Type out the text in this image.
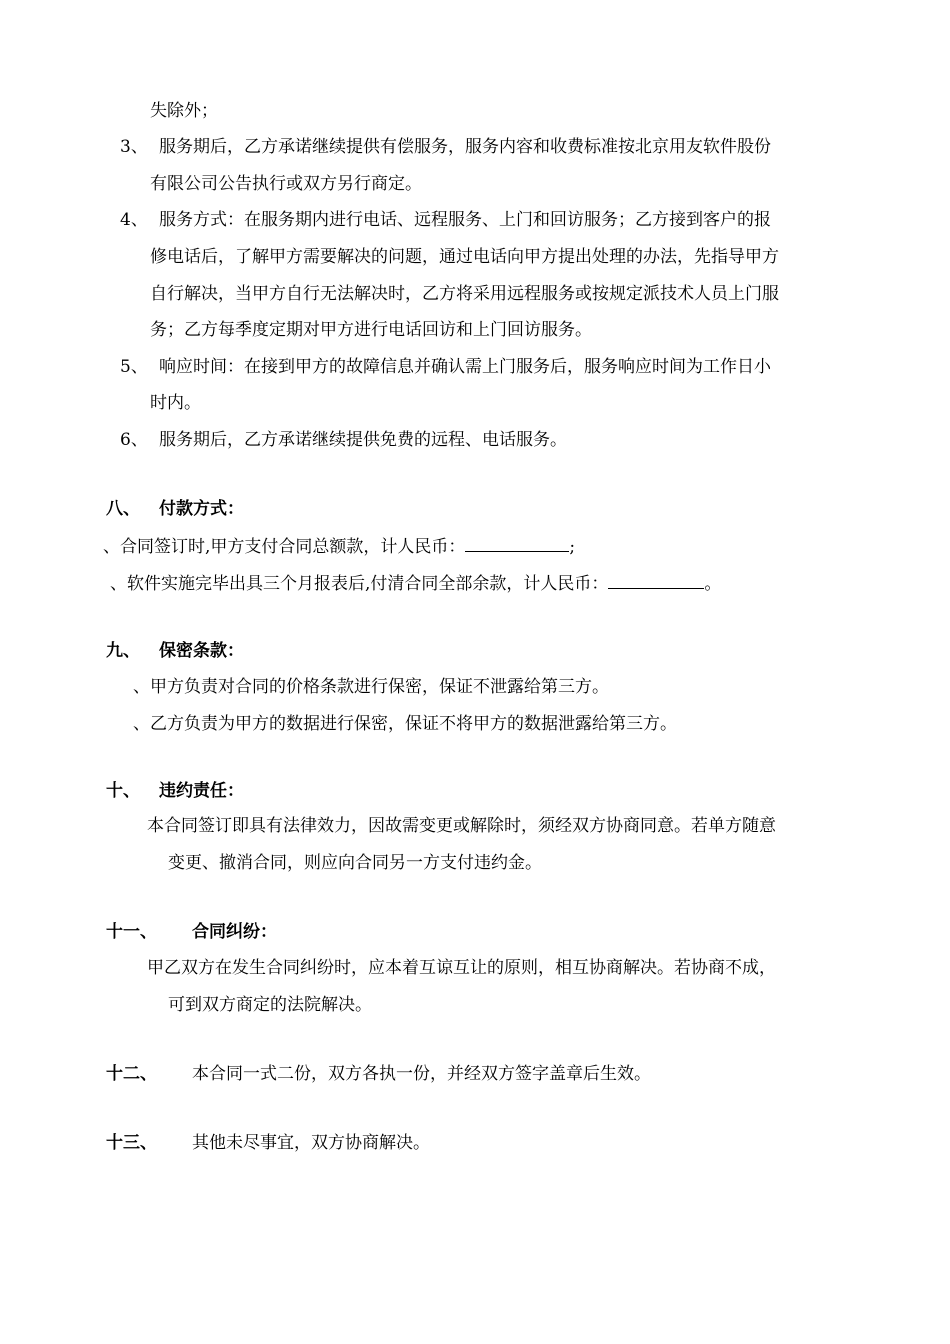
失除外；
3、 服务期后，乙方承诺继续提供有偿服务，服务内容和收费标准按北京用友软件股份
有限公司公告执行或双方另行商定。
4、 服务方式：在服务期内进行电话、远程服务、上门和回访服务；乙方接到客户的报
修电话后，了解甲方需要解决的问题，通过电话向甲方提出处理的办法，先指导甲方
自行解决，当甲方自行无法解决时，乙方将采用远程服务或按规定派技术人员上门服
务；乙方每季度定期对甲方进行电话回访和上门回访服务。
5、 响应时间：在接到甲方的故障信息并确认需上门服务后，服务响应时间为工作日小
时内。
6、 服务期后，乙方承诺继续提供免费的远程、电话服务。
八、 付款方式：
、合同签订时,甲方支付合同总额款，计人民币：	;
、软件实施完毕出具三个月报表后,付清合同全部余款，计人民币：	。
九、 保密条款：
、甲方负责对合同的价格条款进行保密，保证不泄露给第三方。
、乙方负责为甲方的数据进行保密，保证不将甲方的数据泄露给第三方。
十、 违约责任：
本合同签订即具有法律效力，因故需变更或解除时，须经双方协商同意。若单方随意
变更、撤消合同，则应向合同另一方支付违约金。
十一、 合同纠纷：
甲乙双方在发生合同纠纷时，应本着互谅互让的原则，相互协商解决。若协商不成，
可到双方商定的法院解决。
十二、 本合同一式二份，双方各执一份，并经双方签字盖章后生效。
十三、 其他未尽事宜，双方协商解决。
